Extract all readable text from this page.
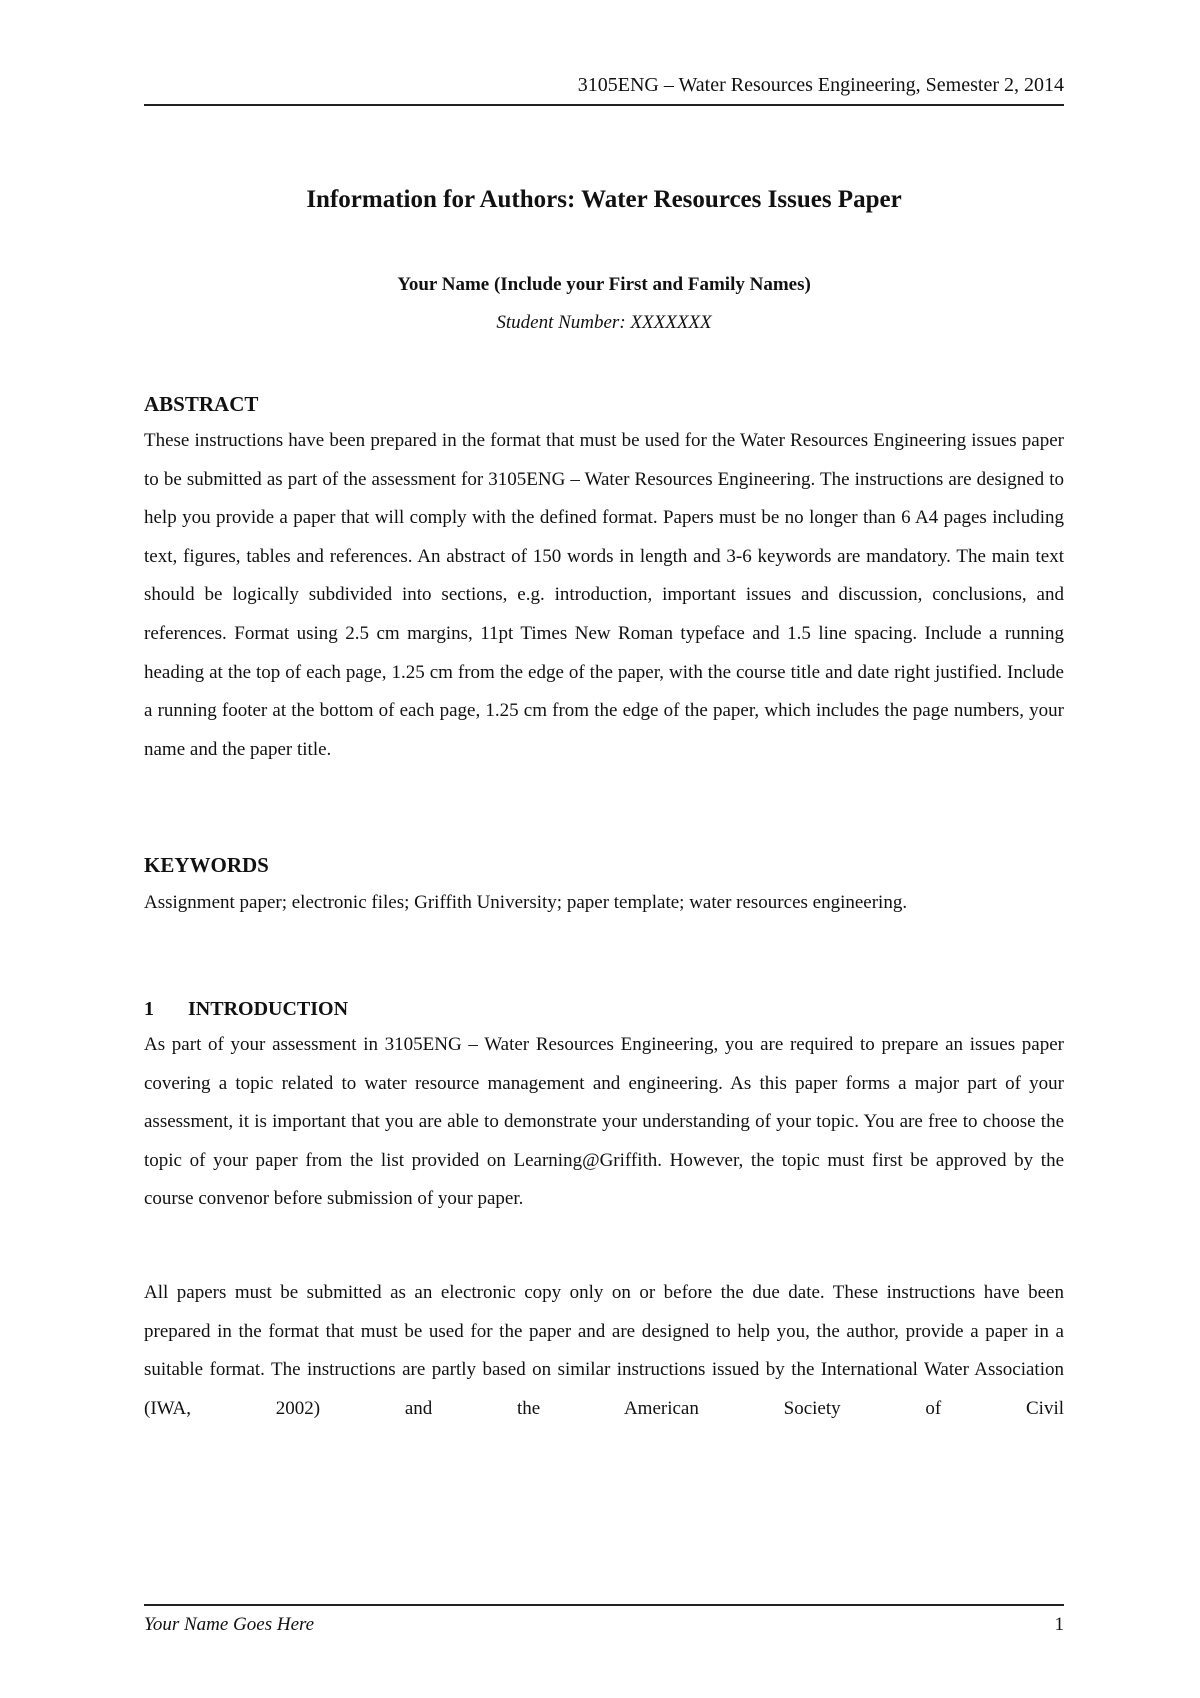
3105ENG – Water Resources Engineering, Semester 2, 2014
Information for Authors: Water Resources Issues Paper
Your Name (Include your First and Family Names)
Student Number: XXXXXXX
ABSTRACT

These instructions have been prepared in the format that must be used for the Water Resources Engineering issues paper to be submitted as part of the assessment for 3105ENG – Water Resources Engineering. The instructions are designed to help you provide a paper that will comply with the defined format. Papers must be no longer than 6 A4 pages including text, figures, tables and references. An abstract of 150 words in length and 3-6 keywords are mandatory. The main text should be logically subdivided into sections, e.g. introduction, important issues and discussion, conclusions, and references. Format using 2.5 cm margins, 11pt Times New Roman typeface and 1.5 line spacing. Include a running heading at the top of each page, 1.25 cm from the edge of the paper, with the course title and date right justified. Include a running footer at the bottom of each page, 1.25 cm from the edge of the paper, which includes the page numbers, your name and the paper title.

KEYWORDS

Assignment paper; electronic files; Griffith University; paper template; water resources engineering.

1 INTRODUCTION

As part of your assessment in 3105ENG – Water Resources Engineering, you are required to prepare an issues paper covering a topic related to water resource management and engineering. As this paper forms a major part of your assessment, it is important that you are able to demonstrate your understanding of your topic. You are free to choose the topic of your paper from the list provided on Learning@Griffith. However, the topic must first be approved by the course convenor before submission of your paper.

All papers must be submitted as an electronic copy only on or before the due date. These instructions have been prepared in the format that must be used for the paper and are designed to help you, the author, provide a paper in a suitable format. The instructions are partly based on similar instructions issued by the International Water Association (IWA, 2002) and the American Society of Civil

Your Name Goes Here	1
